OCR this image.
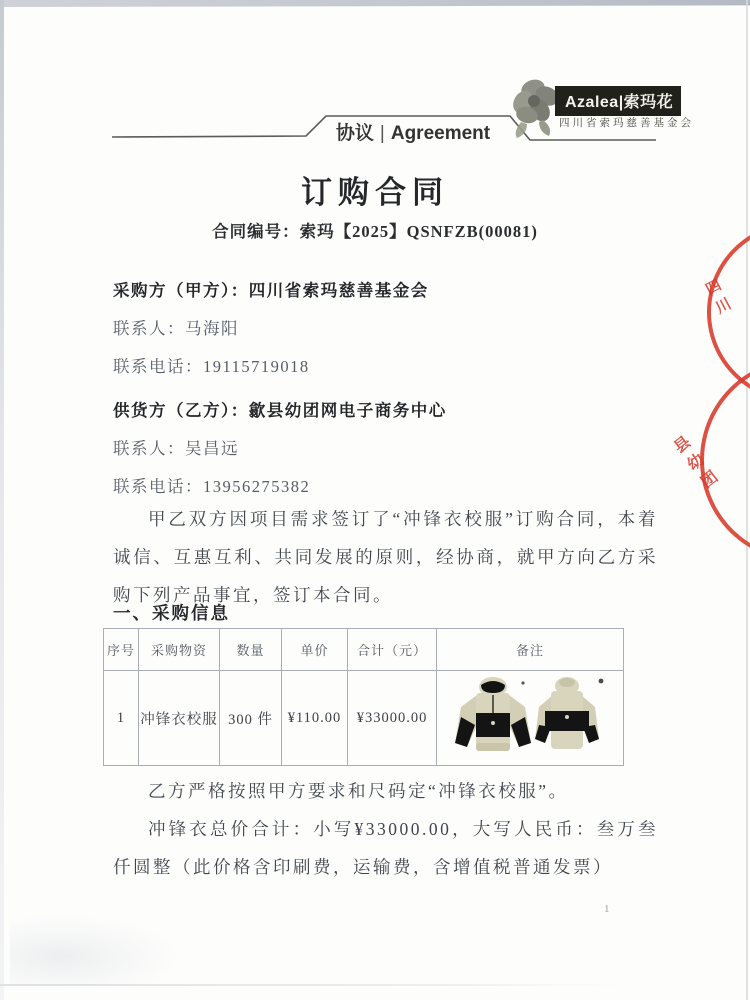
协议 | Agreement
Azalea|索玛花
四川省索玛慈善基金会
订购合同
合同编号：索玛【2025】QSNFZB(00081)

采购方（甲方）：四川省索玛慈善基金会

联系人：马海阳

联系电话：19115719018

供货方（乙方）：歙县幼团网电子商务中心

联系人：吴昌远

联系电话：13956275382

甲乙双方因项目需求签订了“冲锋衣校服”订购合同，本着诚信、互惠互利、共同发展的原则，经协商，就甲方向乙方采购下列产品事宜，签订本合同。

一、采购信息
序号	采购物资	数量	单价	合计（元）	备注
1	冲锋衣校服	300 件	¥110.00	¥33000.00	

乙方严格按照甲方要求和尺码定“冲锋衣校服”。

冲锋衣总价合计：小写¥33000.00，大写人民币：叁万叁仟圆整（此价格含印刷费，运输费，含增值税普通发票）

1
四川
县幼团
